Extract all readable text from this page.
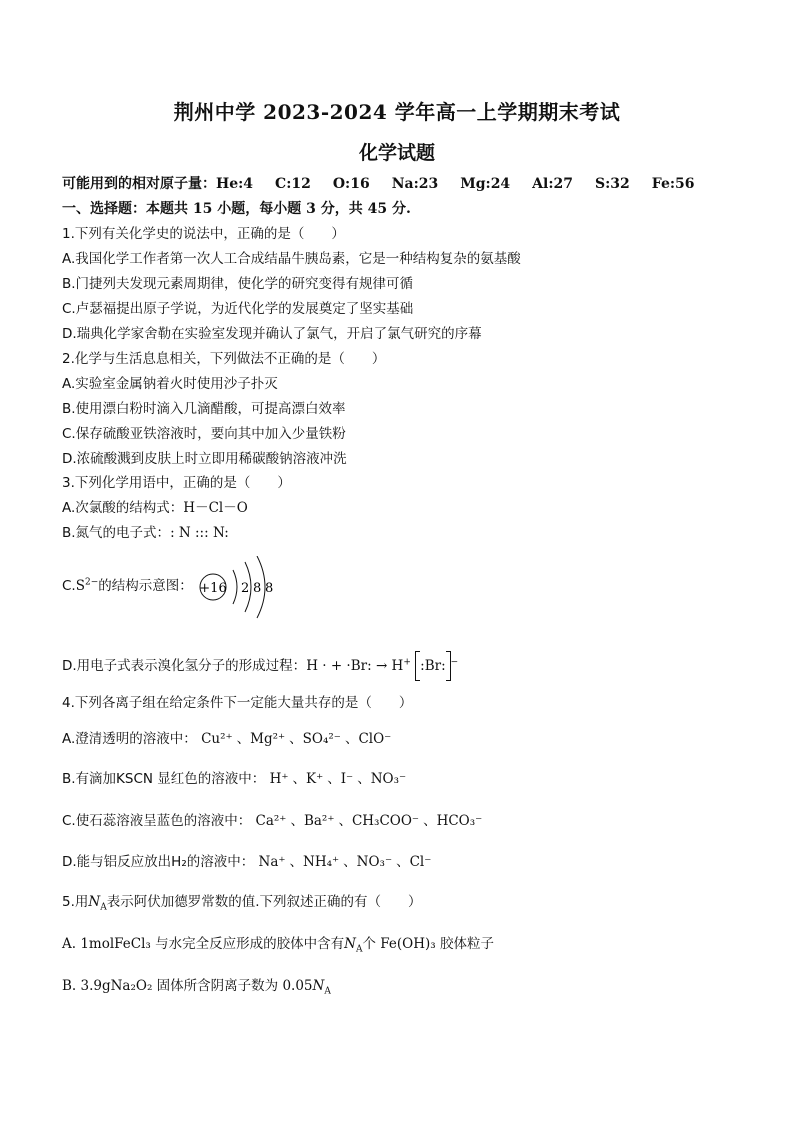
荆州中学 2023-2024 学年高一上学期期末考试
化学试题
可能用到的相对原子量：He:4 C:12 O:16 Na:23 Mg:24 Al:27 S:32 Fe:56
一、选择题：本题共 15 小题，每小题 3 分，共 45 分.
1.下列有关化学史的说法中，正确的是（　　）
A.我国化学工作者第一次人工合成结晶牛胰岛素，它是一种结构复杂的氨基酸
B.门捷列夫发现元素周期律，使化学的研究变得有规律可循
C.卢瑟福提出原子学说，为近代化学的发展奠定了坚实基础
D.瑞典化学家舍勒在实验室发现并确认了氯气，开启了氯气研究的序幕
2.化学与生活息息相关，下列做法不正确的是（　　）
A.实验室金属钠着火时使用沙子扑灭
B.使用漂白粉时滴入几滴醋酸，可提高漂白效率
C.保存硫酸亚铁溶液时，要向其中加入少量铁粉
D.浓硫酸溅到皮肤上时立即用稀碳酸钠溶液冲洗
3.下列化学用语中，正确的是（　　）
A.次氯酸的结构式：H－Cl－O
B.氮气的电子式：: N ::: N:
$C.S^{2-}$的结构示意图： +16 2 8 8
D.用电子式表示溴化氢分子的形成过程：H · + ·Br: → H+ :Br: −
4.下列各离子组在给定条件下一定能大量共存的是（　　）
A.澄清透明的溶液中： Cu²⁺ 、Mg²⁺ 、SO₄²⁻ 、ClO⁻
B.有滴加KSCN 显红色的溶液中： H⁺ 、K⁺ 、I⁻ 、NO₃⁻
C.使石蕊溶液呈蓝色的溶液中： Ca²⁺ 、Ba²⁺ 、CH₃COO⁻ 、HCO₃⁻
D.能与铝反应放出H₂的溶液中： Na⁺ 、NH₄⁺ 、NO₃⁻ 、Cl⁻
5.用$N_A$表示阿伏加德罗常数的值.下列叙述正确的有（　　）
A. 1molFeCl₃ 与水完全反应形成的胶体中含有$N_A$个 Fe(OH)₃ 胶体粒子
B. 3.9gNa₂O₂ 固体所含阴离子数为 $0.05N_A$
